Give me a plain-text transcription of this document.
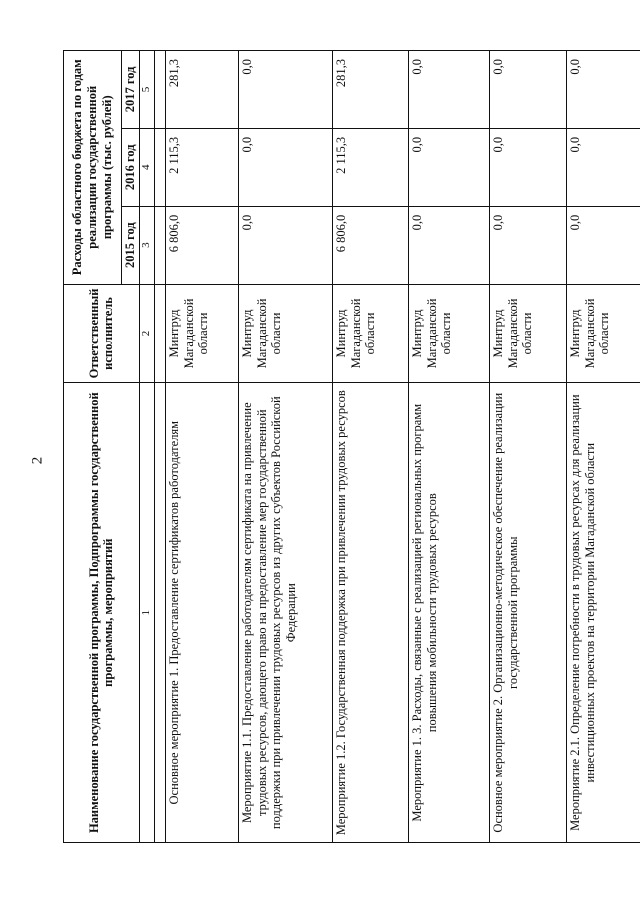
2	Наименование государственной программы, Подпрограммы государственной программы, мероприятий	Ответственный исполнитель	Расходы областного бюджета по годам реализации государственной программы (тыс. рублей)		
		2015 год	2016 год	2017 год
1	2	3	4	5

Основное мероприятие 1. Предоставление сертификатов работодателям	Минтруд Магаданской области	6 806,0	2 115,3	281,3
Мероприятие 1.1. Предоставление работодателям сертификата на привлечение трудовых ресурсов, дающего право на предоставление мер государственной поддержки при привлечении трудовых ресурсов из других субъектов Российской Федерации	Минтруд Магаданской области	0,0	0,0	0,0
Мероприятие 1.2. Государственная поддержка при привлечении трудовых ресурсов	Минтруд Магаданской области	6 806,0	2 115,3	281,3
Мероприятие 1. 3. Расходы, связанные с реализацией региональных программ повышения мобильности трудовых ресурсов	Минтруд Магаданской области	0,0	0,0	0,0
Основное мероприятие 2. Организационно-методическое обеспечение реализации государственной программы	Минтруд Магаданской области	0,0	0,0	0,0
Мероприятие 2.1. Определение потребности в трудовых ресурсах для реализации инвестиционных проектов на территории Магаданской области	Минтруд Магаданской области	0,0	0,0	0,0
